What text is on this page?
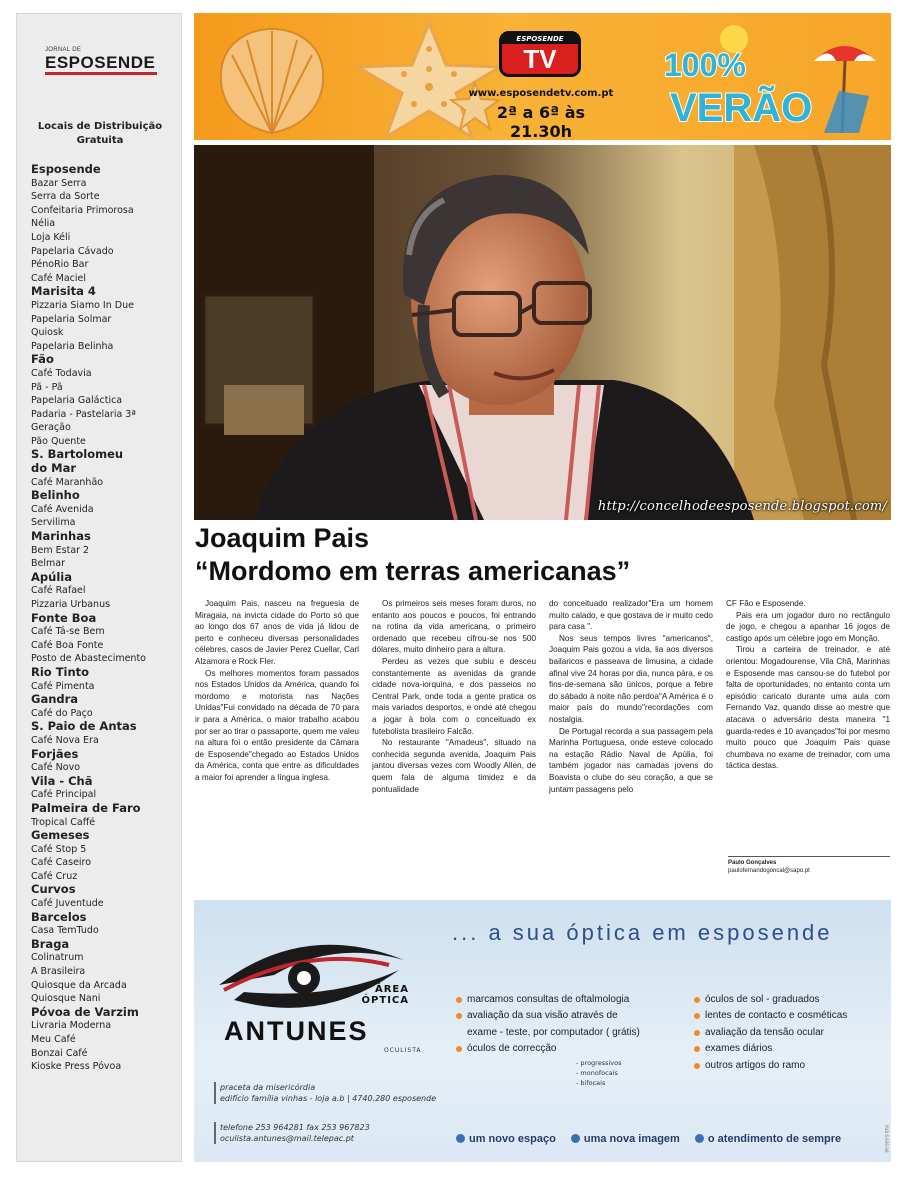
JORNAL DE
ESPOSENDE
Locais de Distribuição
Gratuita
Esposende
Bazar Serra
Serra da Sorte
Confeitaria Primorosa
Nélia
Loja Kéli
Papelaria Cávado
PénoRio Bar
Café Maciel
Marisita 4
Pizzaria Siamo In Due
Papelaria Solmar
Quiosk
Papelaria Belinha
Fão
Café Todavia
Pã - Pã
Papelaria Galáctica
Padaria - Pastelaria 3ª
Geração
Pão Quente
S. Bartolomeu
do Mar
Café Maranhão
Belinho
Café Avenida
Servilima
Marinhas
Bem Estar 2
Belmar
Apúlia
Café Rafael
Pizzaria Urbanus
Fonte Boa
Café Tá-se Bem
Café Boa Fonte
Posto de Abastecimento
Rio Tinto
Café Pimenta
Gandra
Café do Paço
S. Paio de Antas
Café Nova Era
Forjães
Café Novo
Vila - Chã
Café Principal
Palmeira de Faro
Tropical Caffé
Gemeses
Café Stop 5
Café Caseiro
Café Cruz
Curvos
Café Juventude
Barcelos
Casa TemTudo
Braga
Colinatrum
A Brasileira
Quiosque da Arcada
Quiosque Nani
Póvoa de Varzim
Livraria Moderna
Meu Café
Bonzai Café
Kioske Press Póvoa
ESPOSENDE
TV
www.esposendetv.com.pt
2ª a 6ª às 21.30h
100%
VERÃO
http://concelhodeesposende.blogspot.com/
Joaquim Pais
“Mordomo em terras americanas”

Joaquim Pais, nasceu na freguesia de Miragaia, na invicta cidade do Porto só que ao longo dos 67 anos de vida já lidou de perto e conheceu diversas personalidades célebres, casos de Javier Perez Cuellar, Carl Alzamora e Rock Fler.

Os melhores momentos foram passados nos Estados Unidos da América, quando foi mordomo e motorista nas Nações Unidas"Fui convidado na década de 70 para ir para a América, o maior trabalho acabou por ser ao tirar o passaporte, quem me valeu na altura foi o então presidente da Câmara de Esposende"chegado ao Estados Unidos da América, conta que entre as dificuldades a maior foi aprender a língua inglesa.

Os primeiros seis meses foram duros, no entanto aos poucos e poucos, foi entrando na rotina da vida americana, o primeiro ordenado que recebeu cifrou-se nos 500 dólares, muito dinheiro para a altura.

Perdeu as vezes que subiu e desceu constantemente as avenidas da grande cidade nova-iorquina, e dos passeios no Central Park, onde toda a gente pratica os mais variados desportos, e onde até chegou a jogar à bola com o conceituado ex futebolista brasileiro Falcão.

No restaurante "Amadeus", situado na conhecida segunda avenida, Joaquim Pais jantou diversas vezes com Woodly Allen, de quem fala de alguma timidez e da pontualidade

do conceituado realizador"Era um homem muito calado, e que gostava de ir muito cedo para casa ".

Nos seus tempos livres "americanos", Joaquim Pais gozou a vida, lia aos diversos bailaricos e passeava de limusina, a cidade afinal vive 24 horas por dia, nunca pára, e os fins-de-semana são únicos, porque a febre do sábado à noite não perdoa"A América é o maior país do mundo"recordações com nostalgia.

De Portugal recorda a sua passagem pela Marinha Portuguesa, onde esteve colocado na estação Rádio Naval de Apúlia, foi também jogador nas camadas jovens do Boavista o clube do seu coração, a que se juntam passagens pelo

CF Fão e Esposende.

Pais era um jogador duro no rectângulo de jogo, e chegou a apanhar 16 jogos de castigo após um célebre jogo em Monção.

Tirou a carteira de treinador, e até orientou: Mogadourense, Vila Chã, Marinhas e Esposende mas cansou-se do futebol por falta de oportunidades, no entanto conta um episódio caricato durante uma aula com Fernando Vaz, quando disse ao mestre que atacava o adversário desta maneira "1 guarda-redes e 10 avançados"foi por mesmo muito pouco que Joaquim Pais quase chumbava no exame de treinador, com uma táctica destas.

Paulo Gonçalves
paulofernandogoncal@sapo.pt
... a sua óptica em esposende
ÁREA
ÓPTICA
ANTUNES
OCULISTA
praceta da misericórdia
edifício família vinhas - loja a.b | 4740.280 esposende
telefone 253 964281 fax 253 967823
oculista.antunes@mail.telepac.pt
marcamos consultas de oftalmologia
avaliação da sua visão através de
exame - teste, por computador ( grátis)
óculos de correcção
- progressivos
- monofocais
- bifocais
óculos de sol - graduados
lentes de contacto e cosméticas
avaliação da tensão ocular
exames diários
outros artigos do ramo
um novo espaço	uma nova imagem	o atendimento de sempre	PUB 6-036-08
